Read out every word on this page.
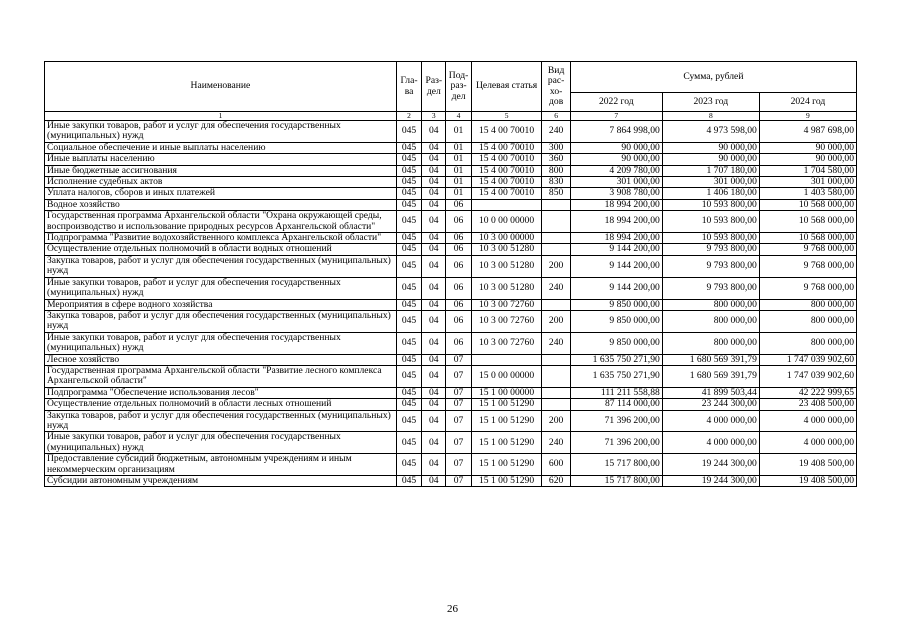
Наименование	Гла-ва	Раз-дел	Под-раз-дел	Целевая статья	Вид рас-хо-дов	Сумма, рублей		
						2022 год	2023 год	2024 год
1	2	3	4	5	6	7	8	9
Иные закупки товаров, работ и услуг для обеспечения государственных (муниципальных) нужд	045	04	01	15 4 00 70010	240	7 864 998,00	4 973 598,00	4 987 698,00
Социальное обеспечение и иные выплаты населению	045	04	01	15 4 00 70010	300	90 000,00	90 000,00	90 000,00
Иные выплаты населению	045	04	01	15 4 00 70010	360	90 000,00	90 000,00	90 000,00
Иные бюджетные ассигнования	045	04	01	15 4 00 70010	800	4 209 780,00	1 707 180,00	1 704 580,00
Исполнение судебных актов	045	04	01	15 4 00 70010	830	301 000,00	301 000,00	301 000,00
Уплата налогов, сборов и иных платежей	045	04	01	15 4 00 70010	850	3 908 780,00	1 406 180,00	1 403 580,00
Водное хозяйство	045	04	06			18 994 200,00	10 593 800,00	10 568 000,00
Государственная программа Архангельской области "Охрана окружающей среды, воспроизводство и использование природных ресурсов Архангельской области"	045	04	06	10 0 00 00000		18 994 200,00	10 593 800,00	10 568 000,00
Подпрограмма "Развитие водохозяйственного комплекса Архангельской области"	045	04	06	10 3 00 00000		18 994 200,00	10 593 800,00	10 568 000,00
Осуществление отдельных полномочий в области водных отношений	045	04	06	10 3 00 51280		9 144 200,00	9 793 800,00	9 768 000,00
Закупка товаров, работ и услуг для обеспечения государственных (муниципальных) нужд	045	04	06	10 3 00 51280	200	9 144 200,00	9 793 800,00	9 768 000,00
Иные закупки товаров, работ и услуг для обеспечения государственных (муниципальных) нужд	045	04	06	10 3 00 51280	240	9 144 200,00	9 793 800,00	9 768 000,00
Мероприятия в сфере водного хозяйства	045	04	06	10 3 00 72760		9 850 000,00	800 000,00	800 000,00
Закупка товаров, работ и услуг для обеспечения государственных (муниципальных) нужд	045	04	06	10 3 00 72760	200	9 850 000,00	800 000,00	800 000,00
Иные закупки товаров, работ и услуг для обеспечения государственных (муниципальных) нужд	045	04	06	10 3 00 72760	240	9 850 000,00	800 000,00	800 000,00
Лесное хозяйство	045	04	07			1 635 750 271,90	1 680 569 391,79	1 747 039 902,60
Государственная программа Архангельской области "Развитие лесного комплекса Архангельской области"	045	04	07	15 0 00 00000		1 635 750 271,90	1 680 569 391,79	1 747 039 902,60
Подпрограмма "Обеспечение использования лесов"	045	04	07	15 1 00 00000		111 211 558,88	41 899 503,44	42 222 999,65
Осуществление отдельных полномочий в области лесных отношений	045	04	07	15 1 00 51290		87 114 000,00	23 244 300,00	23 408 500,00
Закупка товаров, работ и услуг для обеспечения государственных (муниципальных) нужд	045	04	07	15 1 00 51290	200	71 396 200,00	4 000 000,00	4 000 000,00
Иные закупки товаров, работ и услуг для обеспечения государственных (муниципальных) нужд	045	04	07	15 1 00 51290	240	71 396 200,00	4 000 000,00	4 000 000,00
Предоставление субсидий бюджетным, автономным учреждениям и иным некоммерческим организациям	045	04	07	15 1 00 51290	600	15 717 800,00	19 244 300,00	19 408 500,00
Субсидии автономным учреждениям	045	04	07	15 1 00 51290	620	15 717 800,00	19 244 300,00	19 408 500,00
26
